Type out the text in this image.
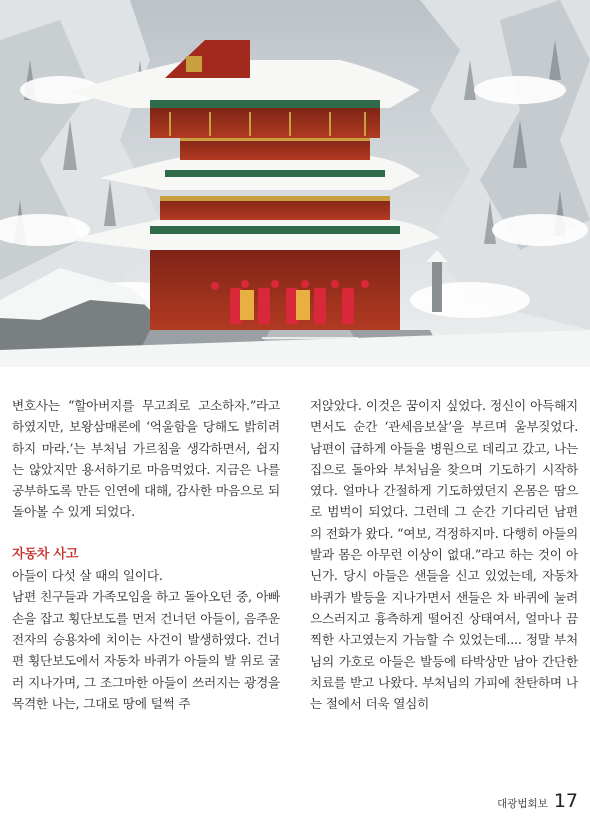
변호사는 “할아버지를 무고죄로 고소하자.”라고 하였지만, 보왕삼매론에 ‘억울함을 당해도 밝히려 하지 마라.’는 부처님 가르침을 생각하면서, 쉽지는 않았지만 용서하기로 마음먹었다. 지금은 나를 공부하도록 만든 인연에 대해, 감사한 마음으로 되돌아볼 수 있게 되었다.

자동차 사고

아들이 다섯 살 때의 일이다.

남편 친구들과 가족모임을 하고 돌아오던 중, 아빠 손을 잡고 횡단보도를 먼저 건너던 아들이, 음주운전자의 승용차에 치이는 사건이 발생하였다. 건너편 횡단보도에서 자동차 바퀴가 아들의 발 위로 굴러 지나가며, 그 조그마한 아들이 쓰러지는 광경을 목격한 나는, 그대로 땅에 털썩 주

저앉았다. 이것은 꿈이지 싶었다. 정신이 아득해지면서도 순간 ‘관세음보살’을 부르며 울부짖었다. 남편이 급하게 아들을 병원으로 데리고 갔고, 나는 집으로 돌아와 부처님을 찾으며 기도하기 시작하였다. 얼마나 간절하게 기도하였던지 온몸은 땀으로 범벅이 되었다. 그런데 그 순간 기다리던 남편의 전화가 왔다. “여보, 걱정하지마. 다행히 아들의 발과 몸은 아무런 이상이 없대.”라고 하는 것이 아닌가. 당시 아들은 샌들을 신고 있었는데, 자동차 바퀴가 발등을 지나가면서 샌들은 차 바퀴에 눌려 으스러지고 흉측하게 떨어진 상태여서, 얼마나 끔찍한 사고였는지 가늠할 수 있었는데.... 정말 부처님의 가호로 아들은 발등에 타박상만 남아 간단한 치료를 받고 나왔다. 부처님의 가피에 찬탄하며 나는 절에서 더욱 열심히

대광법회보 17
